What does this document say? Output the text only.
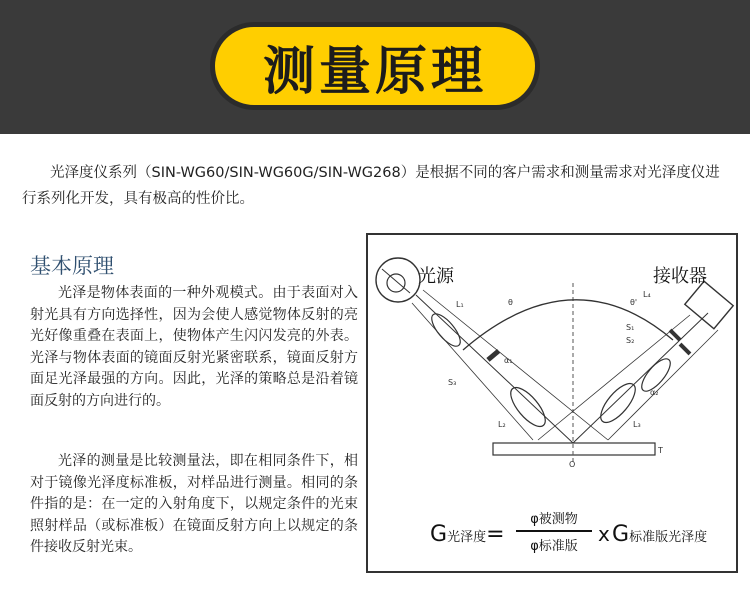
测量原理
光泽度仪系列（SIN-WG60/SIN-WG60G/SIN-WG268）是根据不同的客户需求和测量需求对光泽度仪进行系列化开发，具有极高的性价比。
基本原理
光泽是物体表面的一种外观模式。由于表面对入射光具有方向选择性，因为会使人感觉物体反射的亮光好像重叠在表面上，使物体产生闪闪发亮的外表。光泽与物体表面的镜面反射光紧密联系，镜面反射方面足光泽最强的方向。因此，光泽的策略总是沿着镜面反射的方向进行的。
光泽的测量是比较测量法，即在相同条件下，相对于镜像光泽度标准板，对样品进行测量。相同的条件指的是：在一定的入射角度下，以规定条件的光束照射样品（或标准板）在镜面反射方向上以规定的条件接收反射光束。
L₁
L₂	L₃
L₄
S₁
S₂
S₃
O
T
θ	θ'
α₁
α₂
光源	接收器
G光泽度=
φ被测物
φ标准版
x G标准版光泽度
